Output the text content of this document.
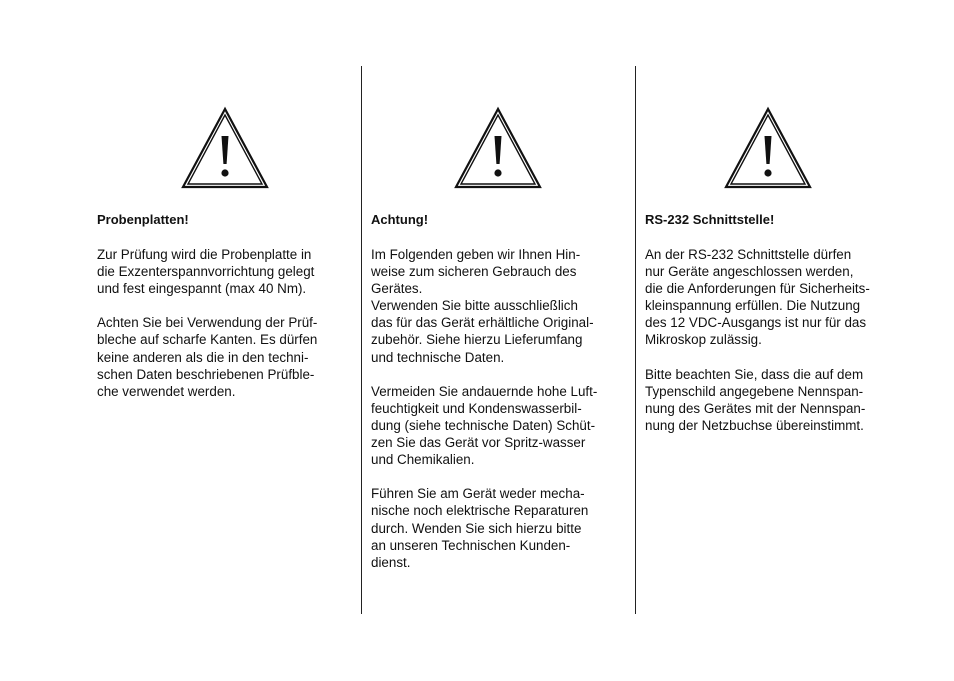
Probenplatten!

Zur Prüfung wird die Probenplatte in
die Exzenterspannvorrichtung gelegt
und fest eingespannt (max 40 Nm).

Achten Sie bei Verwendung der Prüf-
bleche auf scharfe Kanten. Es dürfen
keine anderen als die in den techni-
schen Daten beschriebenen Prüfble-
che verwendet werden.

Achtung!

Im Folgenden geben wir Ihnen Hin-
weise zum sicheren Gebrauch des
Gerätes.
Verwenden Sie bitte ausschließlich
das für das Gerät erhältliche Original-
zubehör. Siehe hierzu Lieferumfang
und technische Daten.

Vermeiden Sie andauernde hohe Luft-
feuchtigkeit und Kondenswasserbil-
dung (siehe technische Daten) Schüt-
zen Sie das Gerät vor Spritz-wasser
und Chemikalien.

Führen Sie am Gerät weder mecha-
nische noch elektrische Reparaturen
durch. Wenden Sie sich hierzu bitte
an unseren Technischen Kunden-
dienst.

RS-232 Schnittstelle!

An der RS-232 Schnittstelle dürfen
nur Geräte angeschlossen werden,
die die Anforderungen für Sicherheits-
kleinspannung erfüllen. Die Nutzung
des 12 VDC-Ausgangs ist nur für das
Mikroskop zulässig.

Bitte beachten Sie, dass die auf dem
Typenschild angegebene Nennspan-
nung des Gerätes mit der Nennspan-
nung der Netzbuchse übereinstimmt.
